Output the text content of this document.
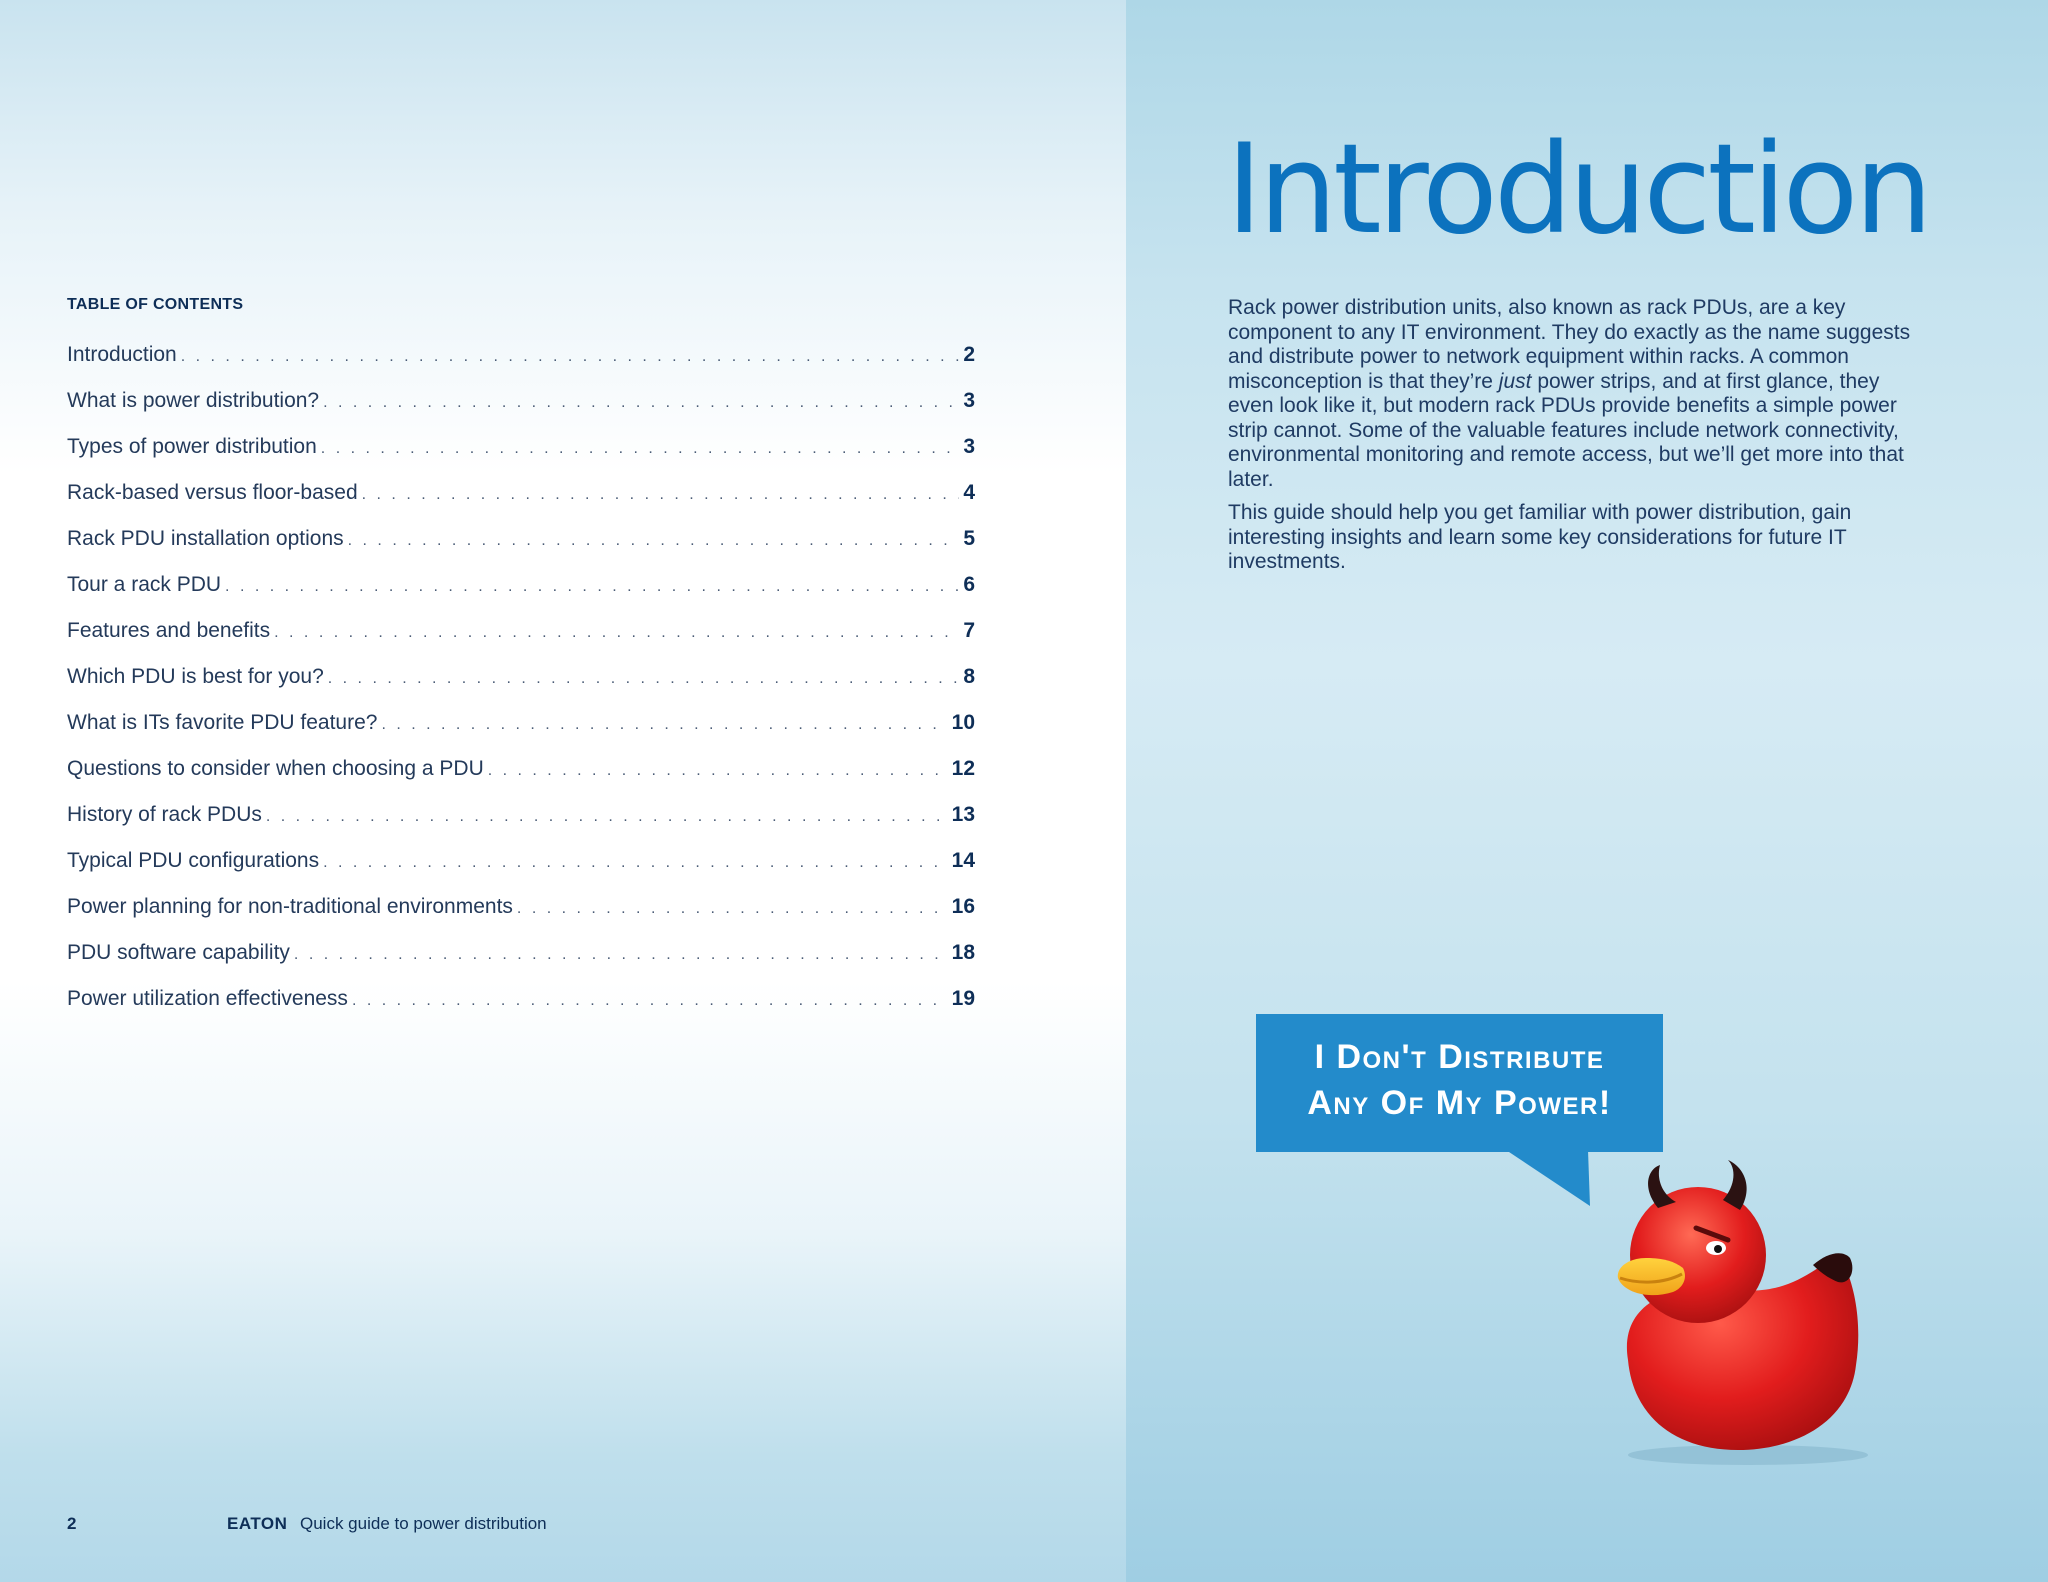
TABLE OF CONTENTS
Introduction . . .	2
What is power distribution? . . .	3
Types of power distribution . . .	3
Rack-based versus floor-based . . .	4
Rack PDU installation options . . .	5
Tour a rack PDU . . .	6
Features and benefits . . .	7
Which PDU is best for you? . . .	8
What is ITs favorite PDU feature? . . .	10
Questions to consider when choosing a PDU . . .	12
History of rack PDUs . . .	13
Typical PDU configurations . . .	14
Power planning for non-traditional environments . . .	16
PDU software capability . . .	18
Power utilization effectiveness . . .	19
2	EATON Quick guide to power distribution
Introduction

Rack power distribution units, also known as rack PDUs, are a key component to any IT environment. They do exactly as the name suggests and distribute power to network equipment within racks. A common misconception is that they’re just power strips, and at first glance, they even look like it, but modern rack PDUs provide benefits a simple power strip cannot. Some of the valuable features include network connectivity, environmental monitoring and remote access, but we’ll get more into that later.

This guide should help you get familiar with power distribution, gain interesting insights and learn some key considerations for future IT investments.

I Don't Distribute
Any Of My Power!
